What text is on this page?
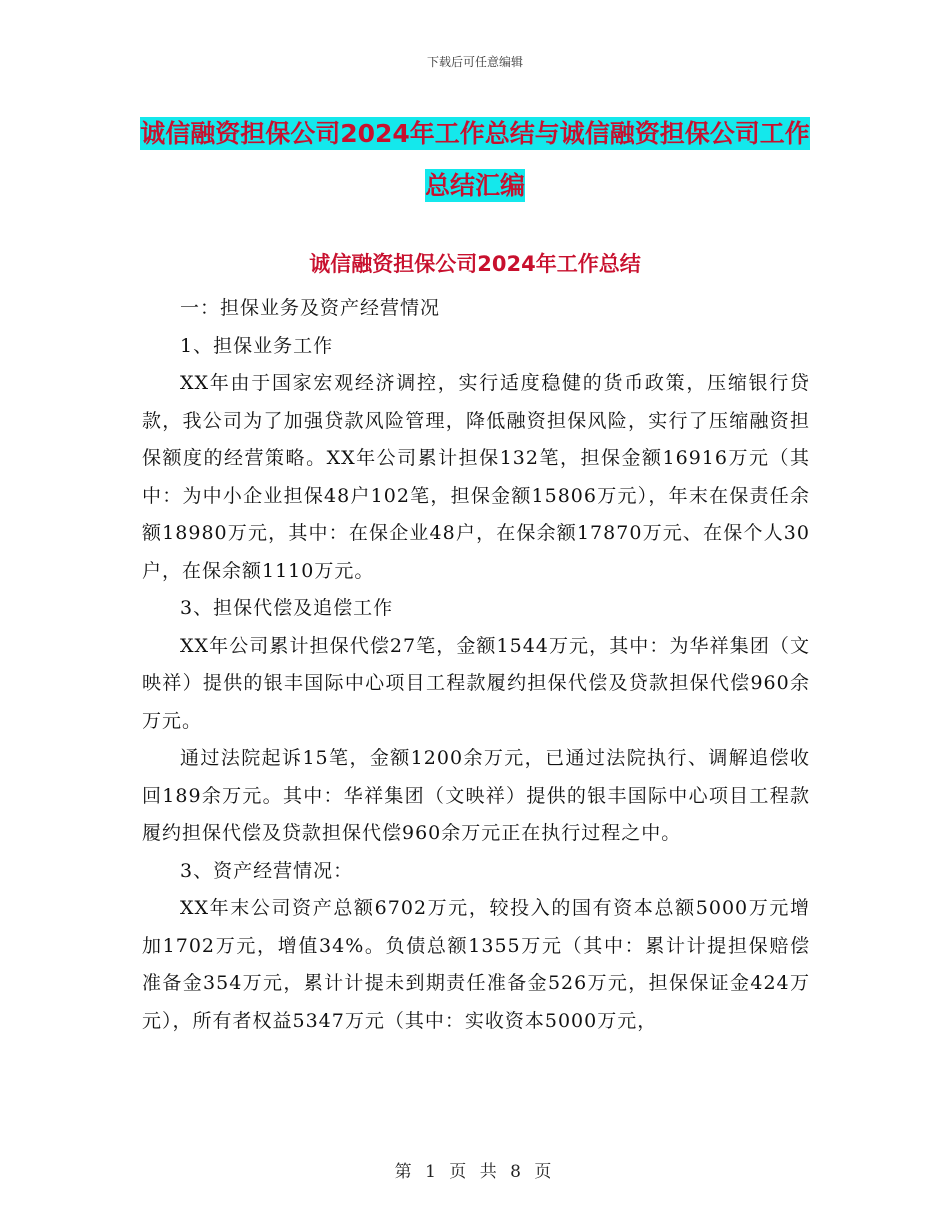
下载后可任意编辑
诚信融资担保公司2024年工作总结与诚信融资担保公司工作总结汇编
诚信融资担保公司2024年工作总结

一：担保业务及资产经营情况

1、担保业务工作

XX年由于国家宏观经济调控，实行适度稳健的货币政策，压缩银行贷款，我公司为了加强贷款风险管理，降低融资担保风险，实行了压缩融资担保额度的经营策略。XX年公司累计担保132笔，担保金额16916万元（其中：为中小企业担保48户102笔，担保金额15806万元），年末在保责任余额18980万元，其中：在保企业48户，在保余额17870万元、在保个人30户，在保余额1110万元。

3、担保代偿及追偿工作

XX年公司累计担保代偿27笔，金额1544万元，其中：为华祥集团（文映祥）提供的银丰国际中心项目工程款履约担保代偿及贷款担保代偿960余万元。

通过法院起诉15笔，金额1200余万元，已通过法院执行、调解追偿收回189余万元。其中：华祥集团（文映祥）提供的银丰国际中心项目工程款履约担保代偿及贷款担保代偿960余万元正在执行过程之中。

3、资产经营情况：

XX年末公司资产总额6702万元，较投入的国有资本总额5000万元增加1702万元，增值34%。负债总额1355万元（其中：累计计提担保赔偿准备金354万元，累计计提未到期责任准备金526万元，担保保证金424万元），所有者权益5347万元（其中：实收资本5000万元，

第 1 页 共 8 页
